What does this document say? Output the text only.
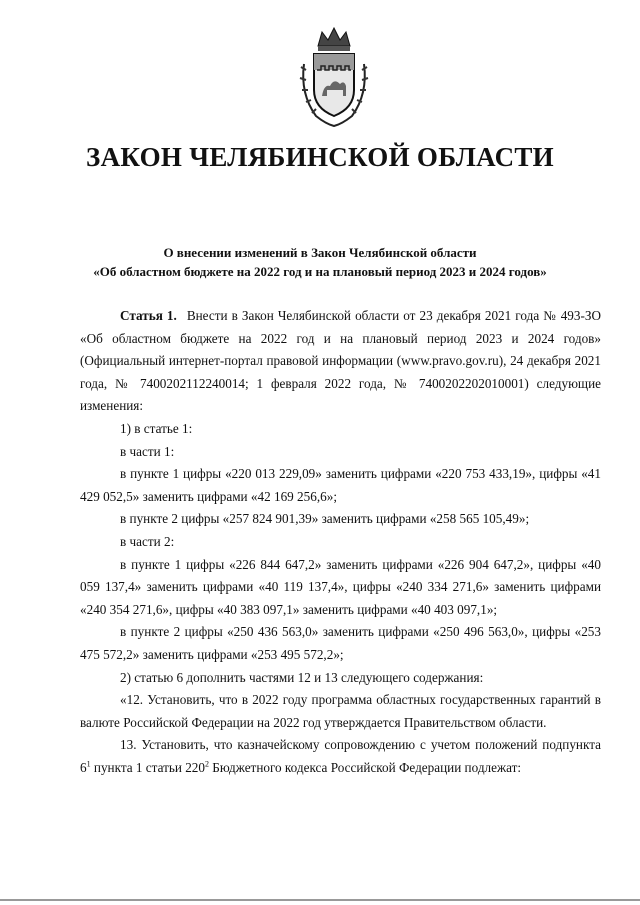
ЗАКОН ЧЕЛЯБИНСКОЙ ОБЛАСТИ
О внесении изменений в Закон Челябинской области
«Об областном бюджете на 2022 год и на плановый период 2023 и 2024 годов»

Статья 1. Внести в Закон Челябинской области от 23 декабря 2021 года № 493-ЗО «Об областном бюджете на 2022 год и на плановый период 2023 и 2024 годов» (Официальный интернет-портал правовой информации (www.pravo.gov.ru), 24 декабря 2021 года, № 7400202112240014; 1 февраля 2022 года, № 7400202202010001) следующие изменения:

1) в статье 1:

в части 1:

в пункте 1 цифры «220 013 229,09» заменить цифрами «220 753 433,19», цифры «41 429 052,5» заменить цифрами «42 169 256,6»;

в пункте 2 цифры «257 824 901,39» заменить цифрами «258 565 105,49»;

в части 2:

в пункте 1 цифры «226 844 647,2» заменить цифрами «226 904 647,2», цифры «40 059 137,4» заменить цифрами «40 119 137,4», цифры «240 334 271,6» заменить цифрами «240 354 271,6», цифры «40 383 097,1» заменить цифрами «40 403 097,1»;

в пункте 2 цифры «250 436 563,0» заменить цифрами «250 496 563,0», цифры «253 475 572,2» заменить цифрами «253 495 572,2»;

2) статью 6 дополнить частями 12 и 13 следующего содержания:

«12. Установить, что в 2022 году программа областных государственных гарантий в валюте Российской Федерации на 2022 год утверждается Правительством области.

13. Установить, что казначейскому сопровождению с учетом положений подпункта $6^1$ пункта 1 статьи $220^2$ Бюджетного кодекса Российской Федерации подлежат:
